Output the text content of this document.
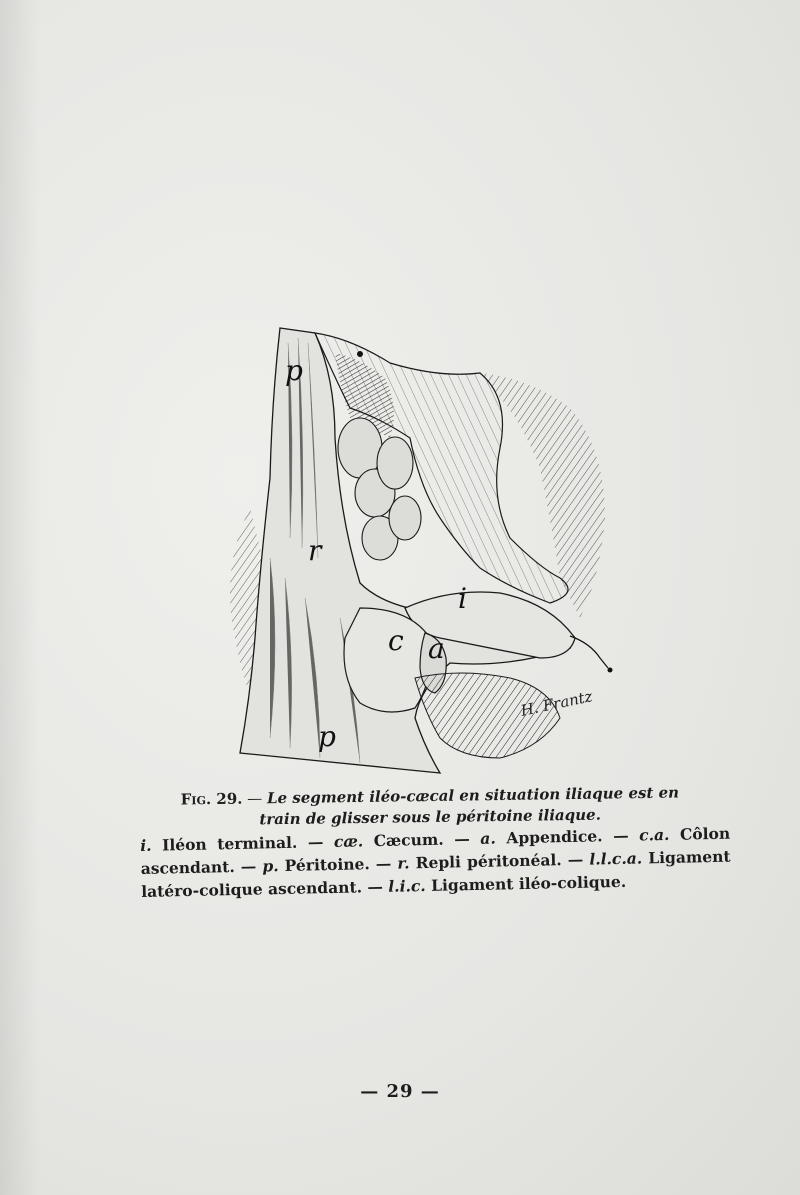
p
r
i
c a
p
H. Frantz
Fig. 29. — Le segment iléo-cæcal en situation iliaque est en train de glisser sous le péritoine iliaque.
i. Iléon terminal. — cæ. Cæcum. — a. Appendice. — c.a. Côlon ascendant. — p. Péritoine. — r. Repli péritonéal. — l.l.c.a. Ligament latéro-colique ascendant. — l.i.c. Ligament iléo-colique.
— 29 —
